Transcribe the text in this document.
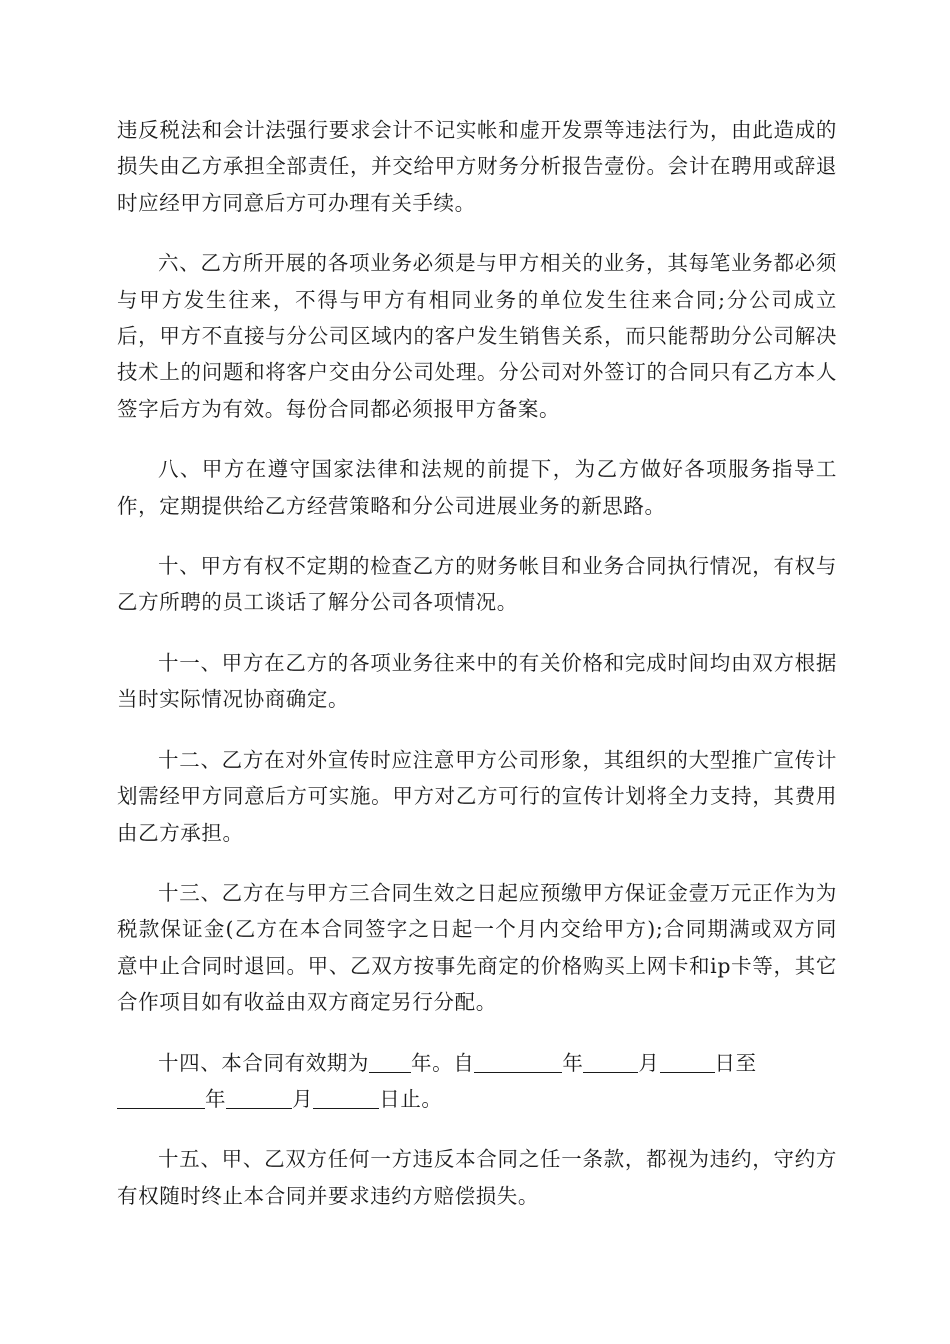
违反税法和会计法强行要求会计不记实帐和虚开发票等违法行为，由此造成的损失由乙方承担全部责任，并交给甲方财务分析报告壹份。会计在聘用或辞退时应经甲方同意后方可办理有关手续。

六、乙方所开展的各项业务必须是与甲方相关的业务，其每笔业务都必须与甲方发生往来，不得与甲方有相同业务的单位发生往来合同;分公司成立后，甲方不直接与分公司区域内的客户发生销售关系，而只能帮助分公司解决技术上的问题和将客户交由分公司处理。分公司对外签订的合同只有乙方本人签字后方为有效。每份合同都必须报甲方备案。

八、甲方在遵守国家法律和法规的前提下，为乙方做好各项服务指导工作，定期提供给乙方经营策略和分公司进展业务的新思路。

十、甲方有权不定期的检查乙方的财务帐目和业务合同执行情况，有权与乙方所聘的员工谈话了解分公司各项情况。

十一、甲方在乙方的各项业务往来中的有关价格和完成时间均由双方根据当时实际情况协商确定。

十二、乙方在对外宣传时应注意甲方公司形象，其组织的大型推广宣传计划需经甲方同意后方可实施。甲方对乙方可行的宣传计划将全力支持，其费用由乙方承担。

十三、乙方在与甲方三合同生效之日起应预缴甲方保证金壹万元正作为为税款保证金(乙方在本合同签字之日起一个月内交给甲方);合同期满或双方同意中止合同时退回。甲、乙双方按事先商定的价格购买上网卡和ip卡等，其它合作项目如有收益由双方商定另行分配。

十四、本合同有效期为 年。自	年	月	日至
年	月	日止。

十五、甲、乙双方任何一方违反本合同之任一条款，都视为违约，守约方有权随时终止本合同并要求违约方赔偿损失。
